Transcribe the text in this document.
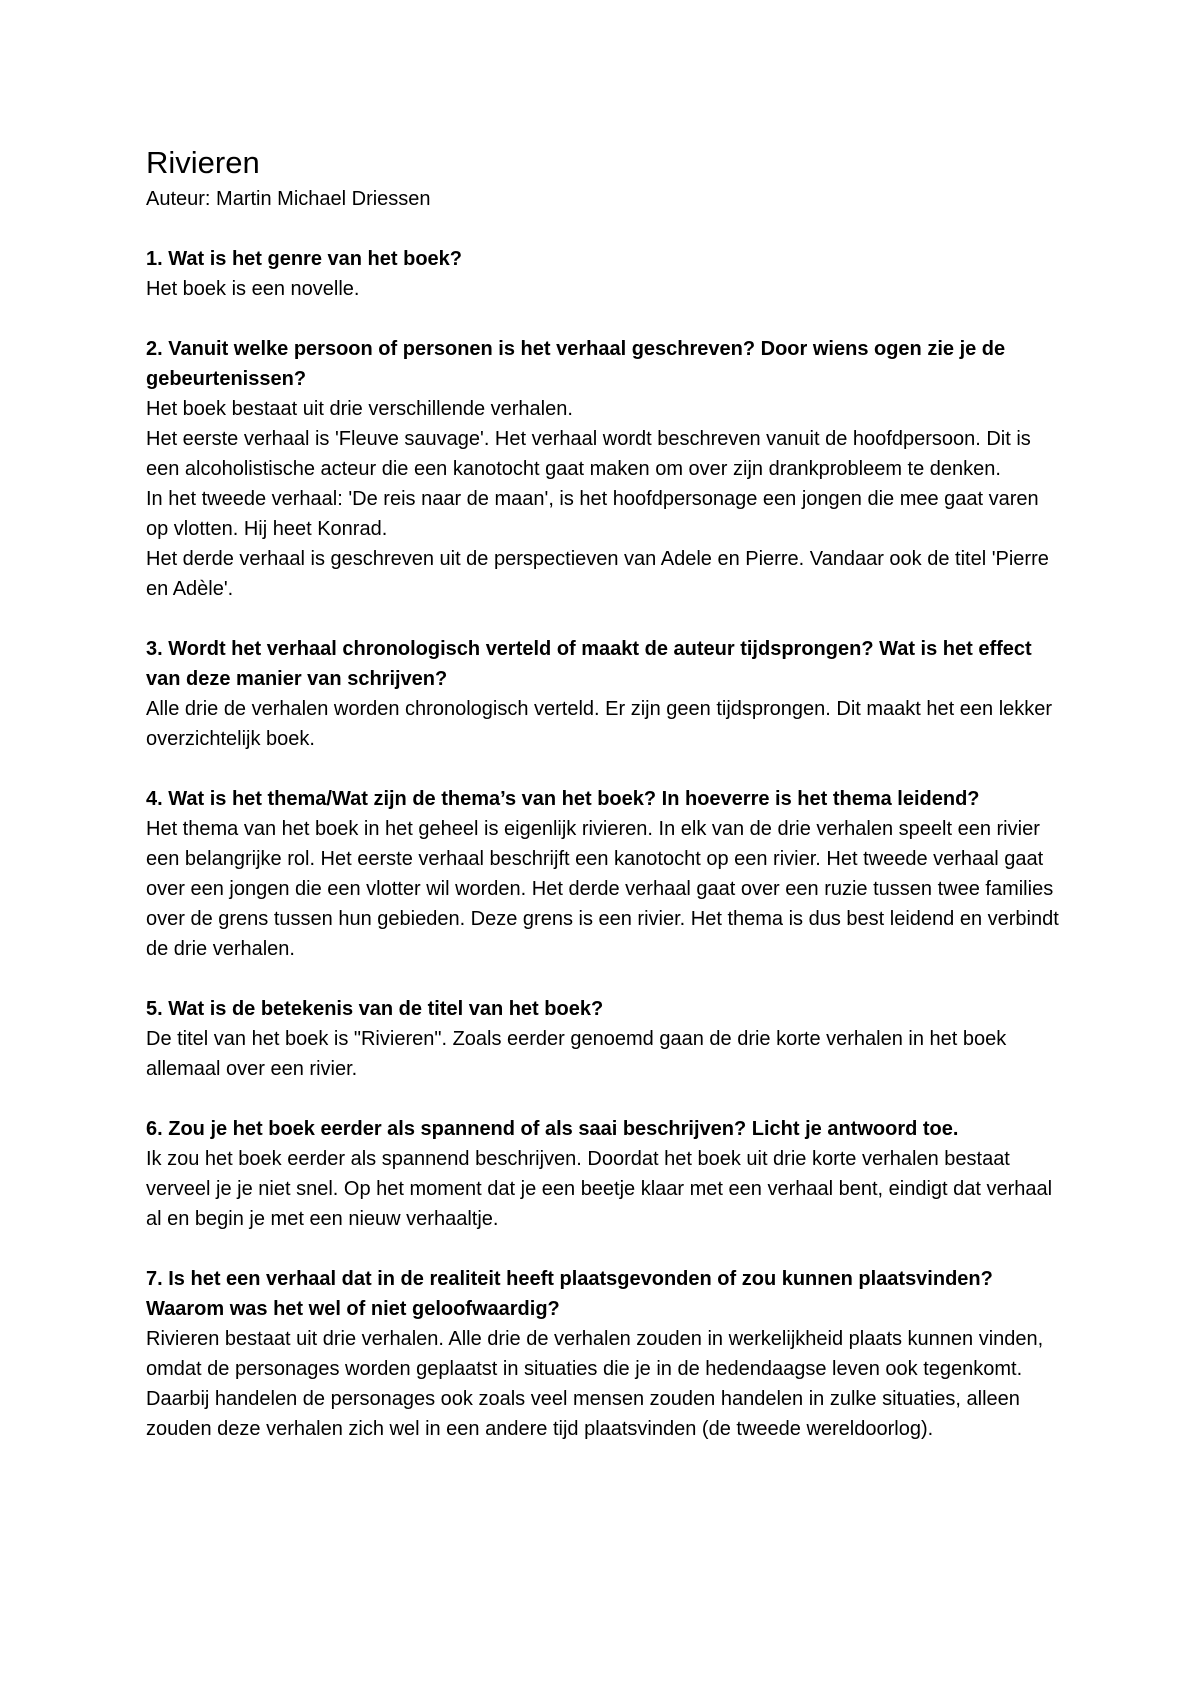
Rivieren

Auteur: Martin Michael Driessen

1. Wat is het genre van het boek?

Het boek is een novelle.

2. Vanuit welke persoon of personen is het verhaal geschreven? Door wiens ogen zie je de gebeurtenissen?

Het boek bestaat uit drie verschillende verhalen.

Het eerste verhaal is 'Fleuve sauvage'. Het verhaal wordt beschreven vanuit de hoofdpersoon. Dit is een alcoholistische acteur die een kanotocht gaat maken om over zijn drankprobleem te denken.

In het tweede verhaal: 'De reis naar de maan', is het hoofdpersonage een jongen die mee gaat varen op vlotten. Hij heet Konrad.

Het derde verhaal is geschreven uit de perspectieven van Adele en Pierre. Vandaar ook de titel 'Pierre en Adèle'.

3. Wordt het verhaal chronologisch verteld of maakt de auteur tijdsprongen? Wat is het effect van deze manier van schrijven?

Alle drie de verhalen worden chronologisch verteld. Er zijn geen tijdsprongen. Dit maakt het een lekker overzichtelijk boek.

4. Wat is het thema/Wat zijn de thema’s van het boek? In hoeverre is het thema leidend?

Het thema van het boek in het geheel is eigenlijk rivieren. In elk van de drie verhalen speelt een rivier een belangrijke rol. Het eerste verhaal beschrijft een kanotocht op een rivier. Het tweede verhaal gaat over een jongen die een vlotter wil worden. Het derde verhaal gaat over een ruzie tussen twee families over de grens tussen hun gebieden. Deze grens is een rivier. Het thema is dus best leidend en verbindt de drie verhalen.

5. Wat is de betekenis van de titel van het boek?

De titel van het boek is "Rivieren". Zoals eerder genoemd gaan de drie korte verhalen in het boek allemaal over een rivier.

6. Zou je het boek eerder als spannend of als saai beschrijven? Licht je antwoord toe.

Ik zou het boek eerder als spannend beschrijven. Doordat het boek uit drie korte verhalen bestaat verveel je je niet snel. Op het moment dat je een beetje klaar met een verhaal bent, eindigt dat verhaal al en begin je met een nieuw verhaaltje.

7. Is het een verhaal dat in de realiteit heeft plaatsgevonden of zou kunnen plaatsvinden? Waarom was het wel of niet geloofwaardig?

Rivieren bestaat uit drie verhalen. Alle drie de verhalen zouden in werkelijkheid plaats kunnen vinden, omdat de personages worden geplaatst in situaties die je in de hedendaagse leven ook tegenkomt. Daarbij handelen de personages ook zoals veel mensen zouden handelen in zulke situaties, alleen zouden deze verhalen zich wel in een andere tijd plaatsvinden (de tweede wereldoorlog).
